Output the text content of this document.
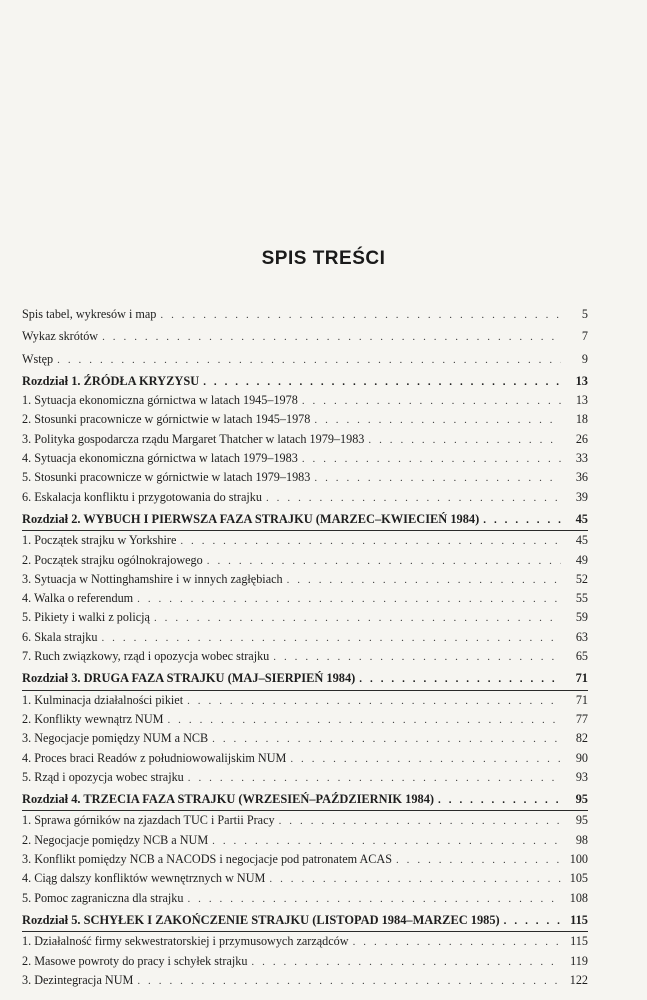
SPIS TREŚCI
Spis tabel, wykresów i map . . .	5
Wykaz skrótów . . .	7
Wstęp . . .	9
Rozdział 1. ŹRÓDŁA KRYZYSU . . .	13
1. Sytuacja ekonomiczna górnictwa w latach 1945–1978 . . .	13
2. Stosunki pracownicze w górnictwie w latach 1945–1978 . . .	18
3. Polityka gospodarcza rządu Margaret Thatcher w latach 1979–1983 . . .	26
4. Sytuacja ekonomiczna górnictwa w latach 1979–1983 . . .	33
5. Stosunki pracownicze w górnictwie w latach 1979–1983 . . .	36
6. Eskalacja konfliktu i przygotowania do strajku . . .	39
Rozdział 2. WYBUCH I PIERWSZA FAZA STRAJKU (MARZEC–KWIECIEŃ 1984) . . .	45
1. Początek strajku w Yorkshire . . .	45
2. Początek strajku ogólnokrajowego . . .	49
3. Sytuacja w Nottinghamshire i w innych zagłębiach . . .	52
4. Walka o referendum . . .	55
5. Pikiety i walki z policją . . .	59
6. Skala strajku . . .	63
7. Ruch związkowy, rząd i opozycja wobec strajku . . .	65
Rozdział 3. DRUGA FAZA STRAJKU (MAJ–SIERPIEŃ 1984) . . .	71
1. Kulminacja działalności pikiet . . .	71
2. Konflikty wewnątrz NUM . . .	77
3. Negocjacje pomiędzy NUM a NCB . . .	82
4. Proces braci Readów z południowowalijskim NUM . . .	90
5. Rząd i opozycja wobec strajku . . .	93
Rozdział 4. TRZECIA FAZA STRAJKU (WRZESIEŃ–PAŹDZIERNIK 1984) . . .	95
1. Sprawa górników na zjazdach TUC i Partii Pracy . . .	95
2. Negocjacje pomiędzy NCB a NUM . . .	98
3. Konflikt pomiędzy NCB a NACODS i negocjacje pod patronatem ACAS . . .	100
4. Ciąg dalszy konfliktów wewnętrznych w NUM . . .	105
5. Pomoc zagraniczna dla strajku . . .	108
Rozdział 5. SCHYŁEK I ZAKOŃCZENIE STRAJKU (LISTOPAD 1984–MARZEC 1985) . . .	115
1. Działalność firmy sekwestratorskiej i przymusowych zarządców . . .	115
2. Masowe powroty do pracy i schyłek strajku . . .	119
3. Dezintegracja NUM . . .	122
